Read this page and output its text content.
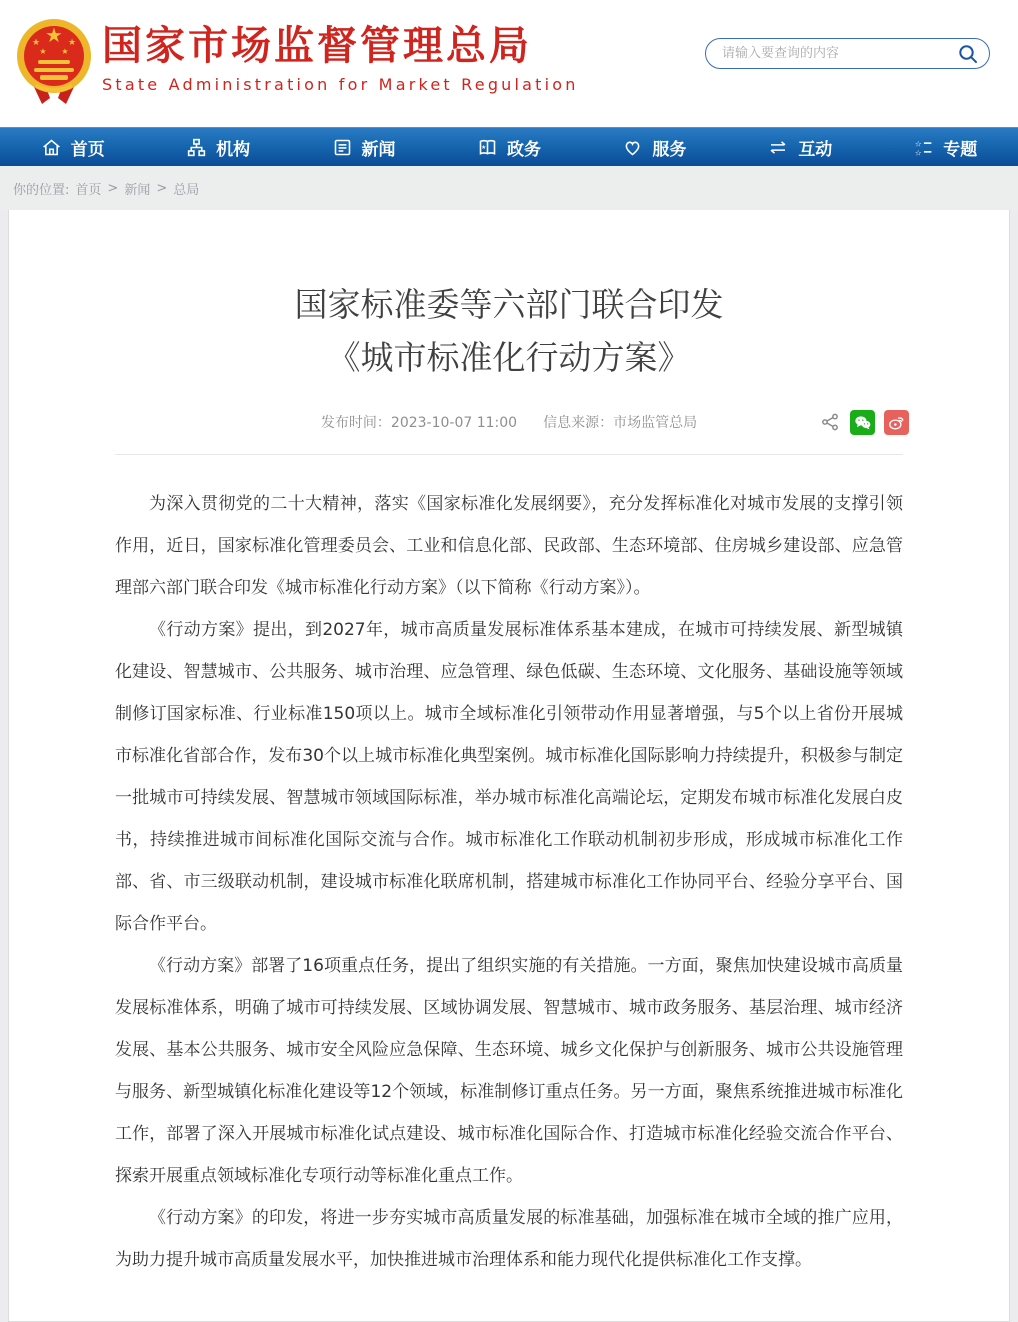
★
★	★
★ ★ 国家市场监督管理总局
State Administration for Market Regulation
请输入要查询的内容
首页	机构	新闻	★ 政务	服务	互动	☆
☆ 专题
你的位置: 首页 > 新闻 > 总局
国家标准委等六部门联合印发
《城市标准化行动方案》
发布时间：2023-10-07 11:00 信息来源：市场监管总局

为深入贯彻党的二十大精神，落实《国家标准化发展纲要》，充分发挥标准化对城市发展的支撑引领作用，近日，国家标准化管理委员会、工业和信息化部、民政部、生态环境部、住房城乡建设部、应急管理部六部门联合印发《城市标准化行动方案》（以下简称《行动方案》）。

《行动方案》提出，到2027年，城市高质量发展标准体系基本建成，在城市可持续发展、新型城镇化建设、智慧城市、公共服务、城市治理、应急管理、绿色低碳、生态环境、文化服务、基础设施等领域制修订国家标准、行业标准150项以上。城市全域标准化引领带动作用显著增强，与5个以上省份开展城市标准化省部合作，发布30个以上城市标准化典型案例。城市标准化国际影响力持续提升，积极参与制定一批城市可持续发展、智慧城市领域国际标准，举办城市标准化高端论坛，定期发布城市标准化发展白皮书，持续推进城市间标准化国际交流与合作。城市标准化工作联动机制初步形成，形成城市标准化工作部、省、市三级联动机制，建设城市标准化联席机制，搭建城市标准化工作协同平台、经验分享平台、国际合作平台。

《行动方案》部署了16项重点任务，提出了组织实施的有关措施。一方面，聚焦加快建设城市高质量发展标准体系，明确了城市可持续发展、区域协调发展、智慧城市、城市政务服务、基层治理、城市经济发展、基本公共服务、城市安全风险应急保障、生态环境、城乡文化保护与创新服务、城市公共设施管理与服务、新型城镇化标准化建设等12个领域，标准制修订重点任务。另一方面，聚焦系统推进城市标准化工作，部署了深入开展城市标准化试点建设、城市标准化国际合作、打造城市标准化经验交流合作平台、探索开展重点领域标准化专项行动等标准化重点工作。

《行动方案》的印发，将进一步夯实城市高质量发展的标准基础，加强标准在城市全域的推广应用，为助力提升城市高质量发展水平，加快推进城市治理体系和能力现代化提供标准化工作支撑。
